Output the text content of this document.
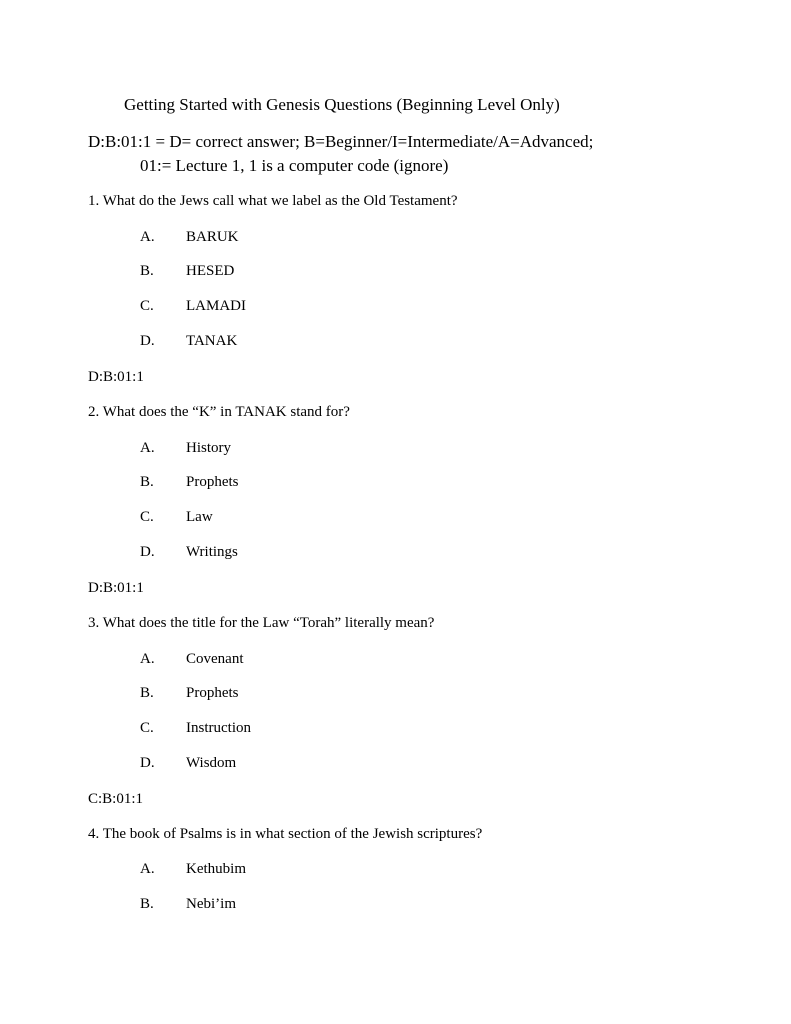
Getting Started with Genesis Questions (Beginning Level Only)
D:B:01:1 = D= correct answer; B=Beginner/I=Intermediate/A=Advanced;
01:= Lecture 1, 1 is a computer code (ignore)
1. What do the Jews call what we label as the Old Testament?
A. BARUK
B. HESED
C. LAMADI
D. TANAK
D:B:01:1
2. What does the “K” in TANAK stand for?
A. History
B. Prophets
C. Law
D. Writings
D:B:01:1
3. What does the title for the Law “Torah” literally mean?
A. Covenant
B. Prophets
C. Instruction
D. Wisdom
C:B:01:1
4. The book of Psalms is in what section of the Jewish scriptures?
A. Kethubim
B. Nebi’im
